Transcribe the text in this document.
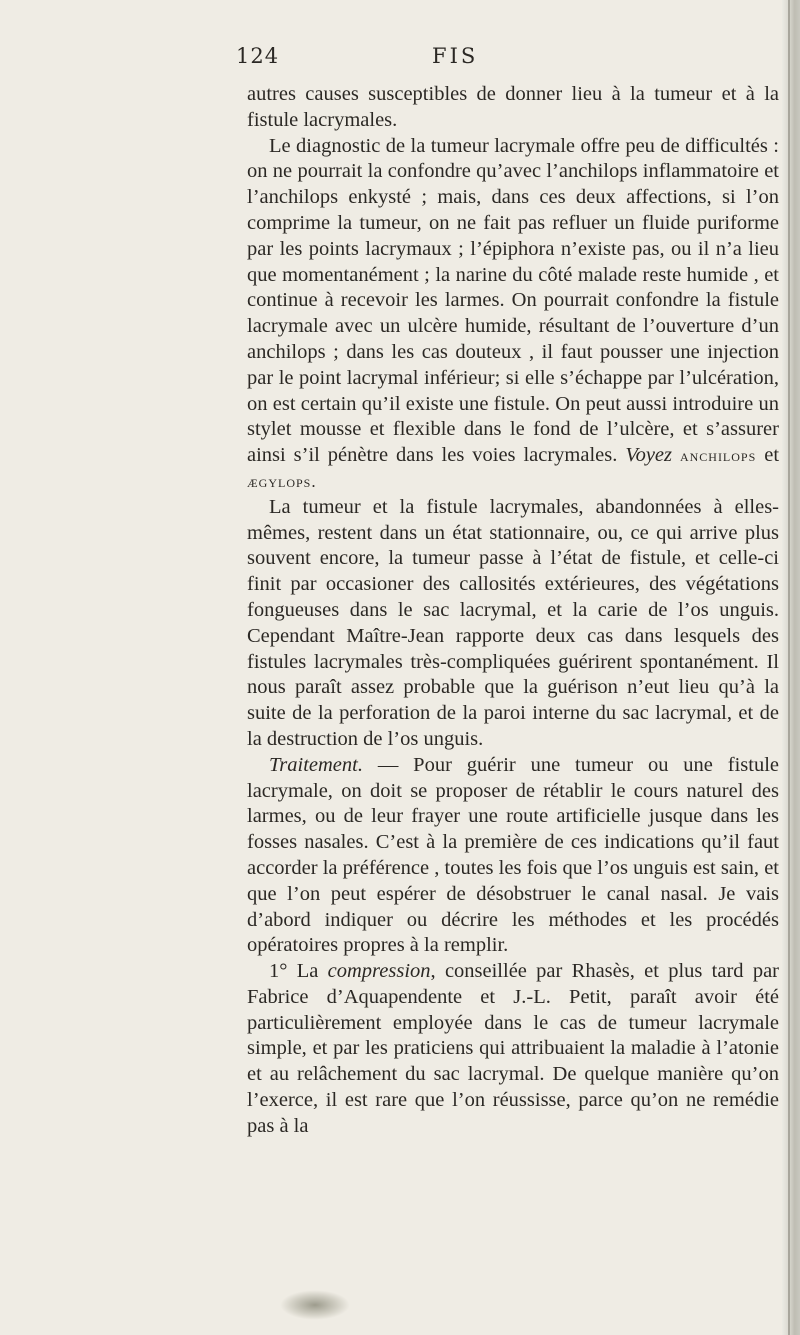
124	FIS

autres causes susceptibles de donner lieu à la tumeur et à la fistule lacrymales.

Le diagnostic de la tumeur lacrymale offre peu de difficultés : on ne pourrait la confondre qu’avec l’anchilops inflammatoire et l’anchilops enkysté ; mais, dans ces deux affections, si l’on comprime la tumeur, on ne fait pas refluer un fluide puriforme par les points lacrymaux ; l’épiphora n’existe pas, ou il n’a lieu que momentanément ; la narine du côté malade reste humide , et continue à recevoir les larmes. On pourrait confondre la fistule lacrymale avec un ulcère humide, résultant de l’ouverture d’un anchilops ; dans les cas douteux , il faut pousser une injection par le point lacrymal inférieur; si elle s’échappe par l’ulcération, on est certain qu’il existe une fistule. On peut aussi introduire un stylet mousse et flexible dans le fond de l’ulcère, et s’assurer ainsi s’il pénètre dans les voies lacrymales. Voyez anchilops et ægylops.

La tumeur et la fistule lacrymales, abandonnées à elles-mêmes, restent dans un état stationnaire, ou, ce qui arrive plus souvent encore, la tumeur passe à l’état de fistule, et celle-ci finit par occasioner des callosités extérieures, des végétations fongueuses dans le sac lacrymal, et la carie de l’os unguis. Cependant Maître-Jean rapporte deux cas dans lesquels des fistules lacrymales très-compliquées guérirent spontanément. Il nous paraît assez probable que la guérison n’eut lieu qu’à la suite de la perforation de la paroi interne du sac lacrymal, et de la destruction de l’os unguis.

Traitement. — Pour guérir une tumeur ou une fistule lacrymale, on doit se proposer de rétablir le cours naturel des larmes, ou de leur frayer une route artificielle jusque dans les fosses nasales. C’est à la première de ces indications qu’il faut accorder la préférence , toutes les fois que l’os unguis est sain, et que l’on peut espérer de désobstruer le canal nasal. Je vais d’abord indiquer ou décrire les méthodes et les procédés opératoires propres à la remplir.

1° La compression, conseillée par Rhasès, et plus tard par Fabrice d’Aquapendente et J.-L. Petit, paraît avoir été particulièrement employée dans le cas de tumeur lacrymale simple, et par les praticiens qui attribuaient la maladie à l’atonie et au relâchement du sac lacrymal. De quelque manière qu’on l’exerce, il est rare que l’on réussisse, parce qu’on ne remédie pas à la
